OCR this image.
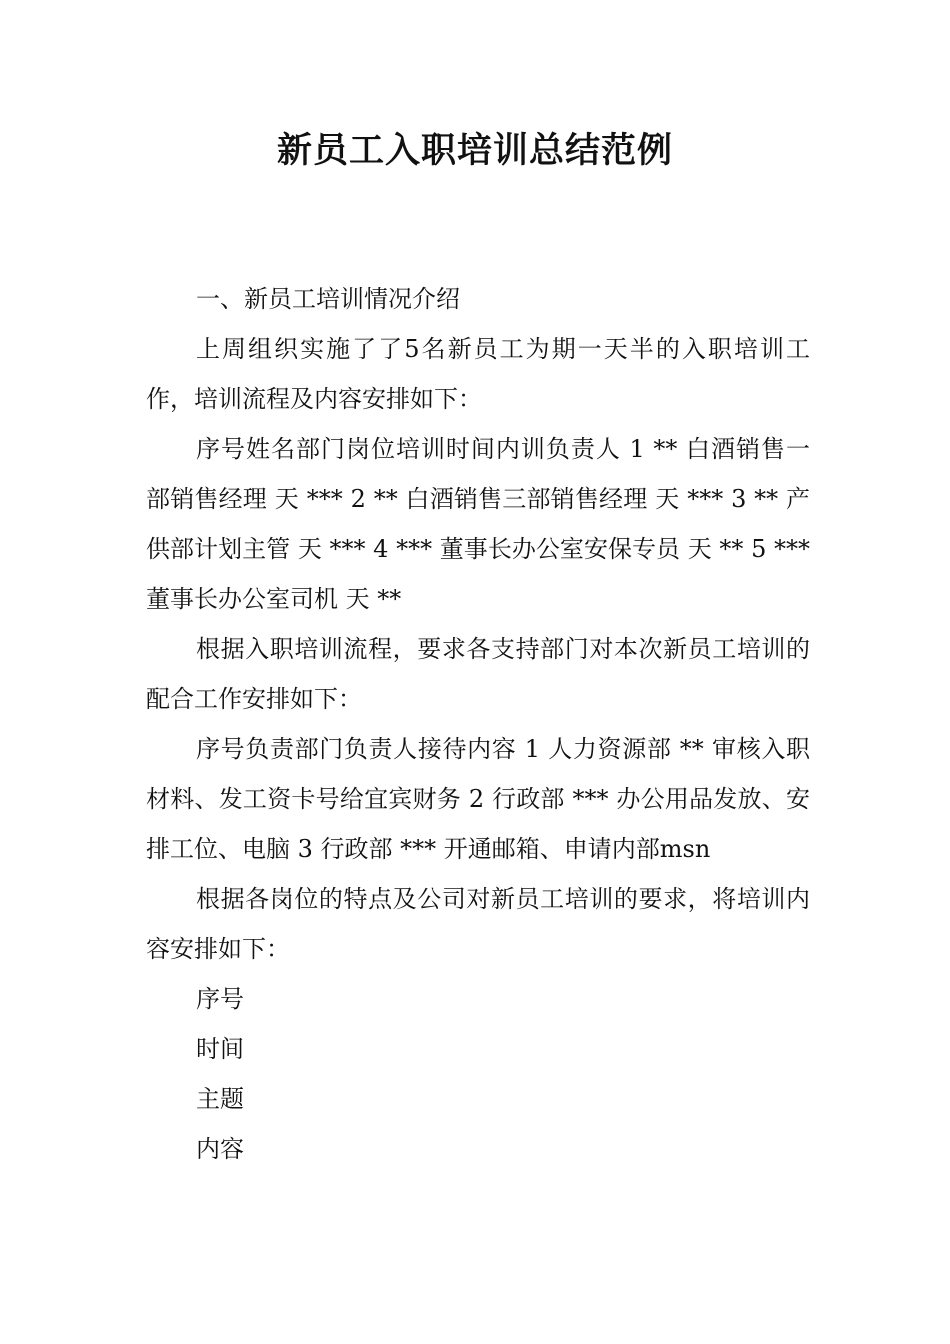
新员工入职培训总结范例

一、新员工培训情况介绍

上周组织实施了了5名新员工为期一天半的入职培训工作，培训流程及内容安排如下：

序号姓名部门岗位培训时间内训负责人 1 ** 白酒销售一部销售经理 天 *** 2 ** 白酒销售三部销售经理 天 *** 3 ** 产供部计划主管 天 *** 4 *** 董事长办公室安保专员 天 ** 5 *** 董事长办公室司机 天 **

根据入职培训流程，要求各支持部门对本次新员工培训的配合工作安排如下：

序号负责部门负责人接待内容 1 人力资源部 ** 审核入职材料、发工资卡号给宜宾财务 2 行政部 *** 办公用品发放、安排工位、电脑 3 行政部 *** 开通邮箱、申请内部msn

根据各岗位的特点及公司对新员工培训的要求，将培训内容安排如下：

序号

时间

主题

内容
